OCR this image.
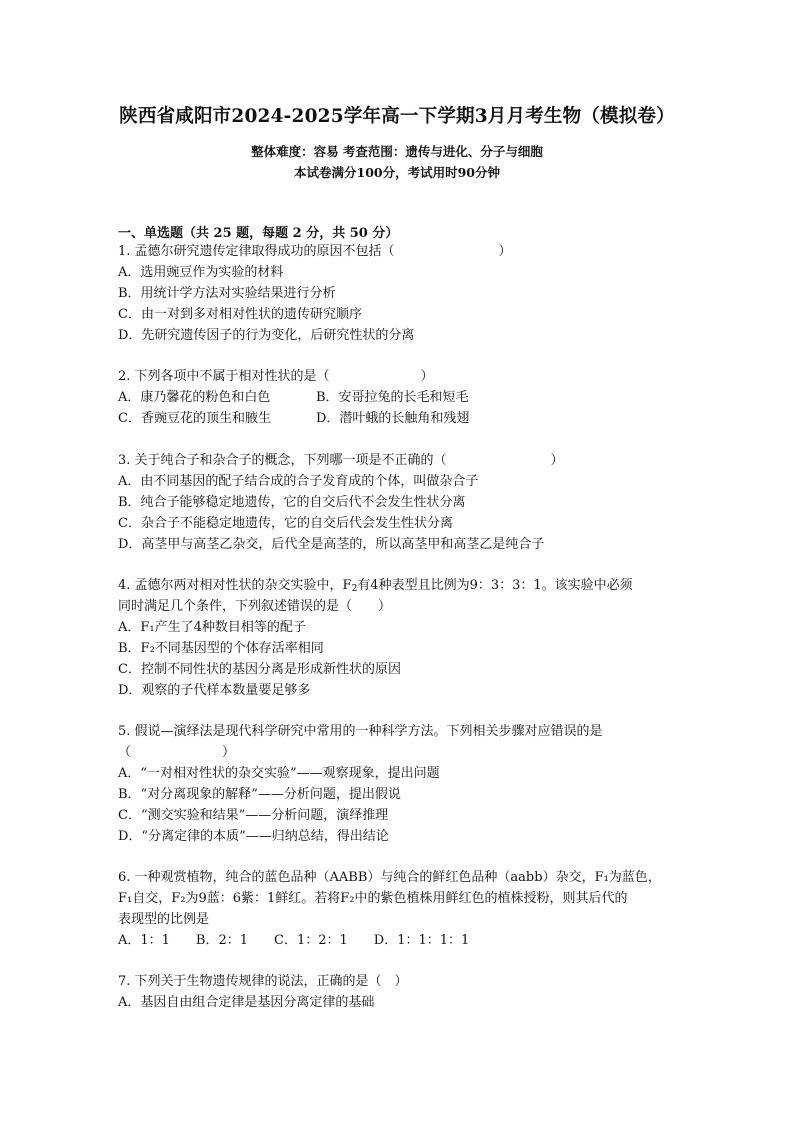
陕西省咸阳市2024-2025学年高一下学期3月月考生物（模拟卷）
整体难度：容易 考查范围：遗传与进化、分子与细胞
本试卷满分100分，考试用时90分钟
一、单选题（共 25 题，每题 2 分，共 50 分）
1. 孟德尔研究遗传定律取得成功的原因不包括（　　　　　　　　）
A．选用豌豆作为实验的材料
B．用统计学方法对实验结果进行分析
C．由一对到多对相对性状的遗传研究顺序
D．先研究遗传因子的行为变化，后研究性状的分离
2. 下列各项中不属于相对性状的是（　　　　　　　）
A．康乃馨花的粉色和白色	B．安哥拉兔的长毛和短毛
C．香豌豆花的顶生和腋生	D．潜叶蛾的长触角和残翅
3. 关于纯合子和杂合子的概念，下列哪一项是不正确的（　　　　　　　　）
A．由不同基因的配子结合成的合子发育成的个体，叫做杂合子
B．纯合子能够稳定地遗传，它的自交后代不会发生性状分离
C．杂合子不能稳定地遗传，它的自交后代会发生性状分离
D．高茎甲与高茎乙杂交，后代全是高茎的，所以高茎甲和高茎乙是纯合子
4. 孟德尔两对相对性状的杂交实验中，$F_2$有4种表型且比例为9：3：3：1。该实验中必须
同时满足几个条件，下列叙述错误的是（　　）
A．F₁产生了4种数目相等的配子
B．F₂不同基因型的个体存活率相同
C．控制不同性状的基因分离是形成新性状的原因
D．观察的子代样本数量要足够多
5. 假说—演绎法是现代科学研究中常用的一种科学方法。下列相关步骤对应错误的是
（　　　　　　　）
A．“一对相对性状的杂交实验”——观察现象，提出问题
B．“对分离现象的解释”——分析问题，提出假说
C．“测交实验和结果”——分析问题，演绎推理
D．“分离定律的本质”——归纳总结，得出结论
6. 一种观赏植物，纯合的蓝色品种（AABB）与纯合的鲜红色品种（aabb）杂交，F₁为蓝色，
F₁自交，F₂为9蓝：6紫：1鲜红。若将F₂中的紫色植株用鲜红色的植株授粉，则其后代的
表现型的比例是
A．1：1　　B．2：1　　C．1：2：1　　D．1：1：1：1
7. 下列关于生物遗传规律的说法，正确的是（　）
A．基因自由组合定律是基因分离定律的基础
